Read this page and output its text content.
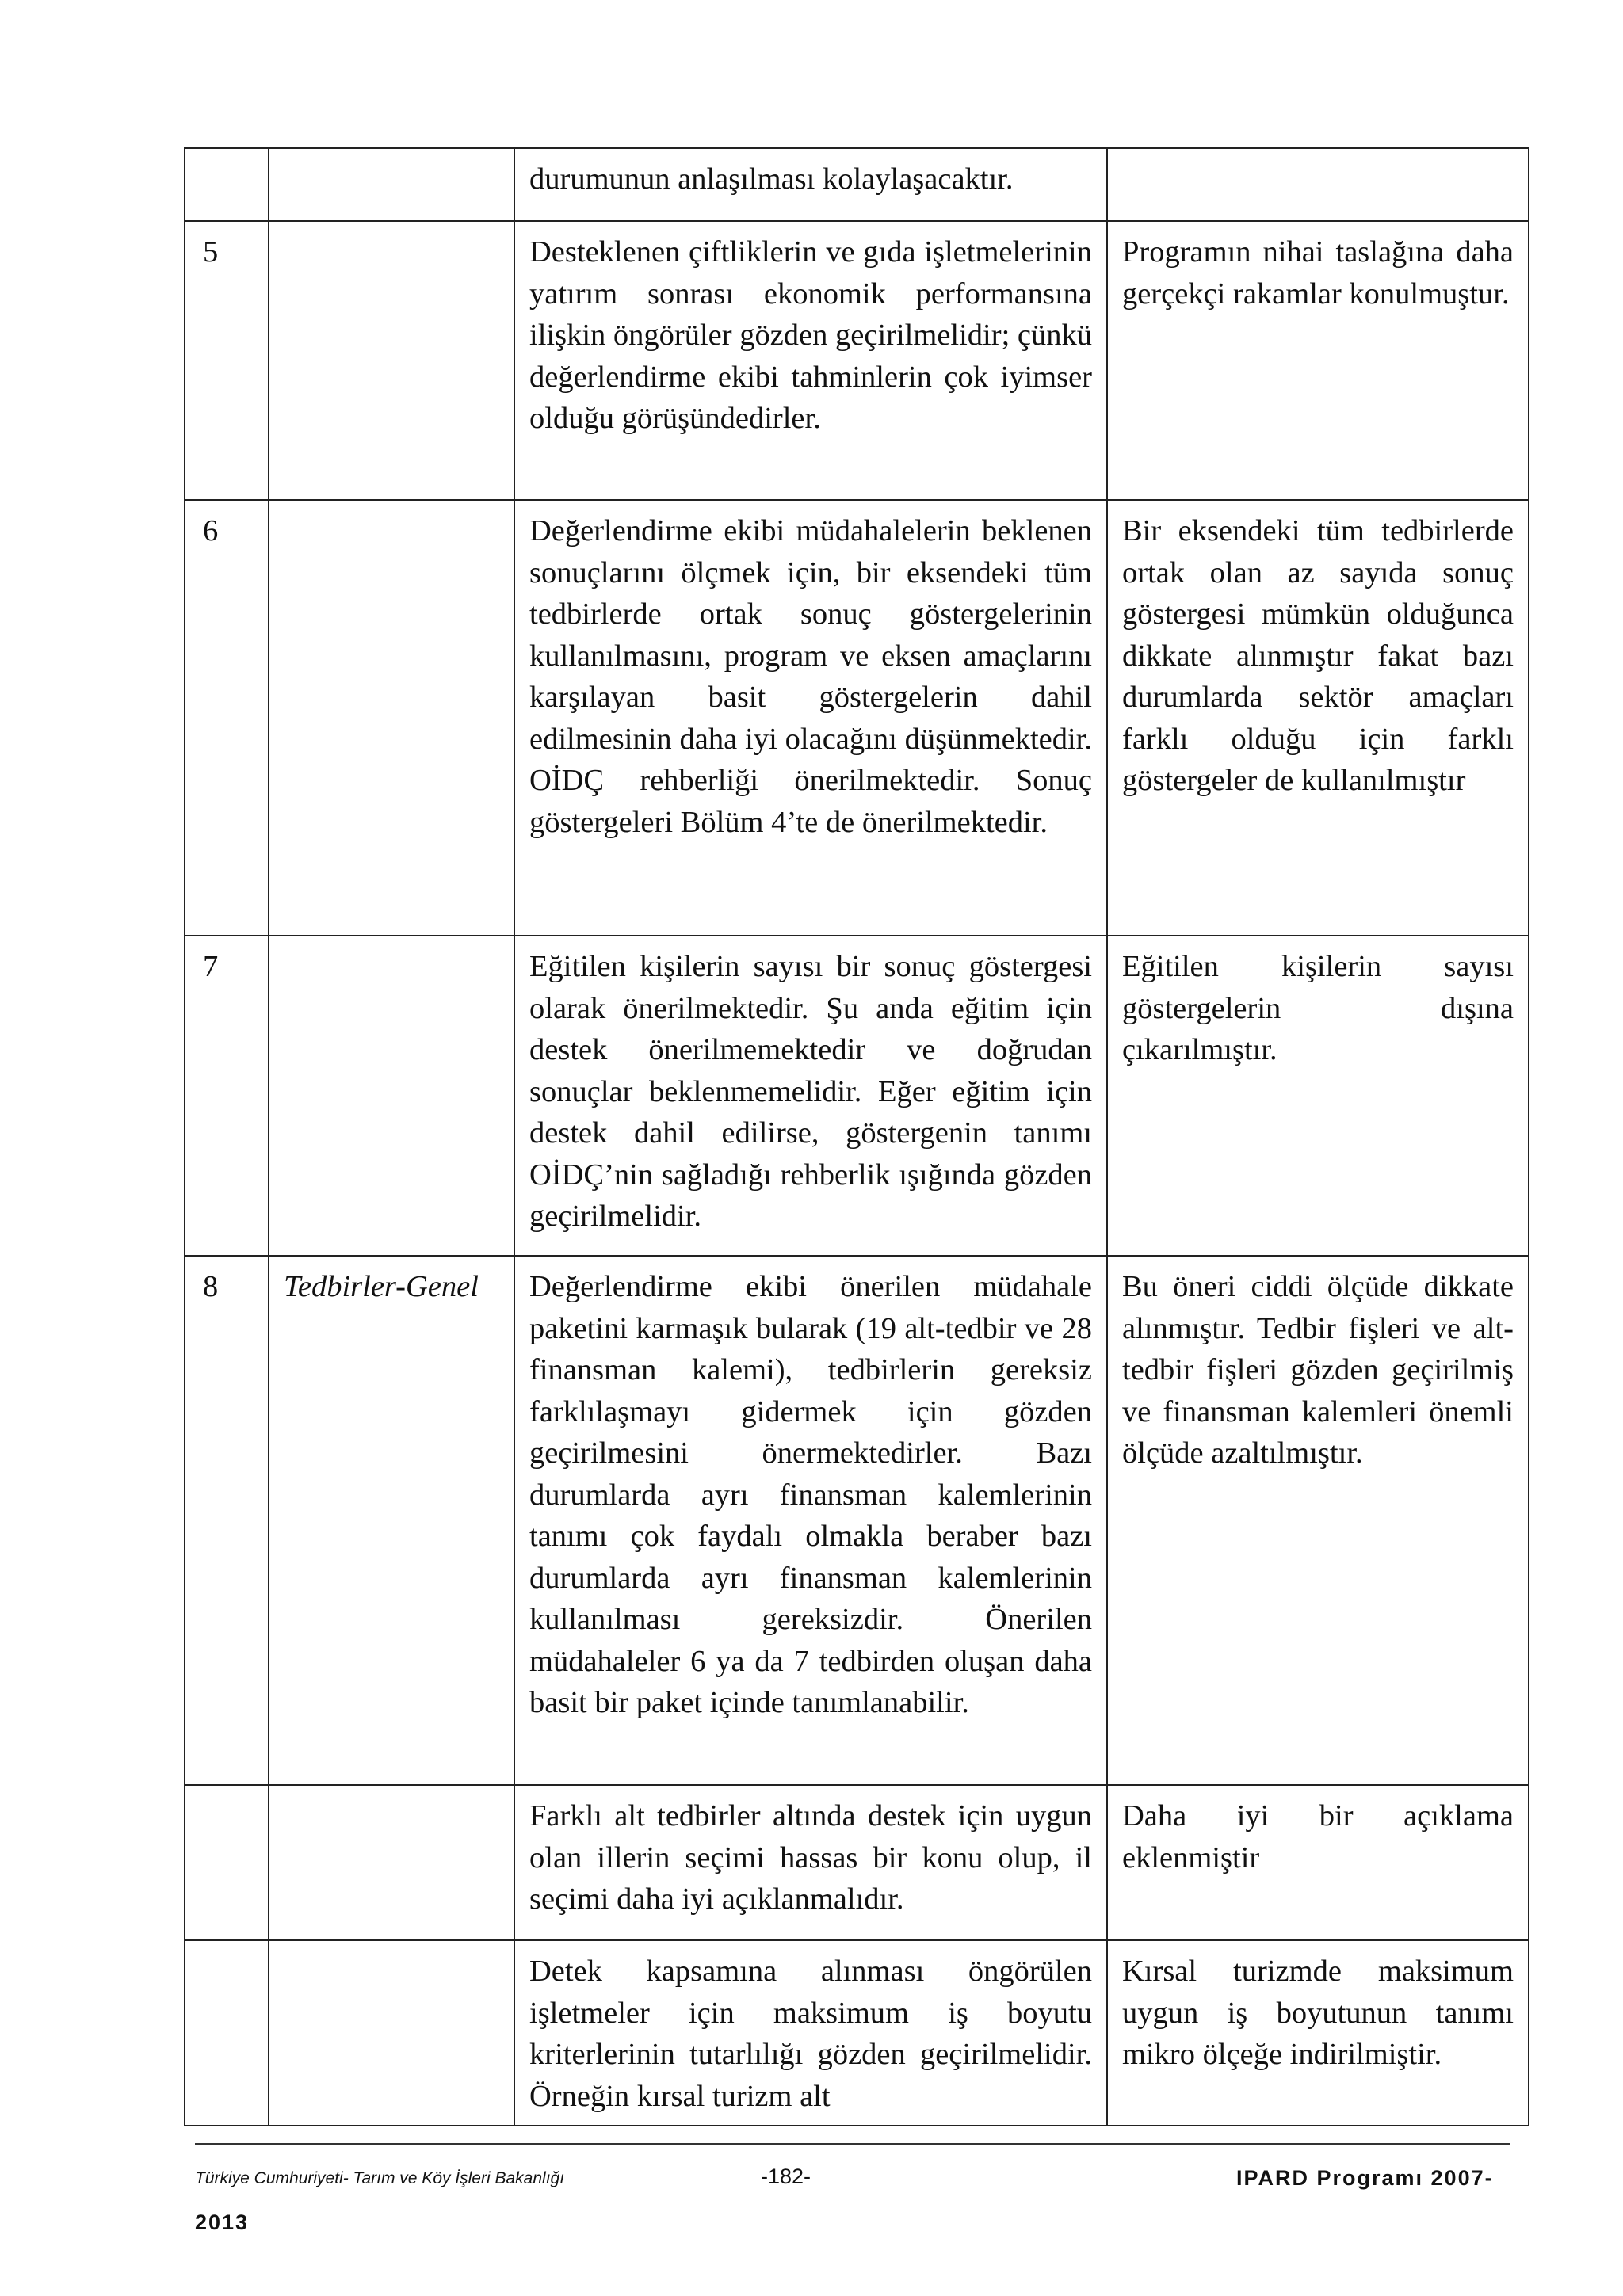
		durumunun anlaşılması kolaylaşacaktır.	
5		Desteklenen çiftliklerin ve gıda işletmelerinin yatırım sonrası ekonomik performansına ilişkin öngörüler gözden geçirilmelidir; çünkü değerlendirme ekibi tahminlerin çok iyimser olduğu görüşündedirler.	Programın nihai taslağına daha gerçekçi rakamlar konulmuştur.
6		Değerlendirme ekibi müdahalelerin beklenen sonuçlarını ölçmek için, bir eksendeki tüm tedbirlerde ortak sonuç göstergelerinin kullanılmasını, program ve eksen amaçlarını karşılayan basit göstergelerin dahil edilmesinin daha iyi olacağını düşünmektedir. OİDÇ rehberliği önerilmektedir. Sonuç göstergeleri Bölüm 4’te de önerilmektedir.	Bir eksendeki tüm tedbirlerde ortak olan az sayıda sonuç göstergesi mümkün olduğunca dikkate alınmıştır fakat bazı durumlarda sektör amaçları farklı olduğu için farklı göstergeler de kullanılmıştır
7		Eğitilen kişilerin sayısı bir sonuç göstergesi olarak önerilmektedir. Şu anda eğitim için destek önerilmemektedir ve doğrudan sonuçlar beklenmemelidir. Eğer eğitim için destek dahil edilirse, göstergenin tanımı OİDÇ’nin sağladığı rehberlik ışığında gözden geçirilmelidir.	Eğitilen kişilerin sayısı göstergelerin dışına çıkarılmıştır.
8	Tedbirler-Genel	Değerlendirme ekibi önerilen müdahale paketini karmaşık bularak (19 alt-tedbir ve 28 finansman kalemi), tedbirlerin gereksiz farklılaşmayı gidermek için gözden geçirilmesini önermektedirler. Bazı durumlarda ayrı finansman kalemlerinin tanımı çok faydalı olmakla beraber bazı durumlarda ayrı finansman kalemlerinin kullanılması gereksizdir. Önerilen müdahaleler 6 ya da 7 tedbirden oluşan daha basit bir paket içinde tanımlanabilir.	Bu öneri ciddi ölçüde dikkate alınmıştır. Tedbir fişleri ve alt-tedbir fişleri gözden geçirilmiş ve finansman kalemleri önemli ölçüde azaltılmıştır.
		Farklı alt tedbirler altında destek için uygun olan illerin seçimi hassas bir konu olup, il seçimi daha iyi açıklanmalıdır.	Daha iyi bir açıklama eklenmiştir
		Detek kapsamına alınması öngörülen işletmeler için maksimum iş boyutu kriterlerinin tutarlılığı gözden geçirilmelidir. Örneğin kırsal turizm alt	Kırsal turizmde maksimum uygun iş boyutunun tanımı mikro ölçeğe indirilmiştir.
Türkiye Cumhuriyeti- Tarım ve Köy İşleri Bakanlığı	-182-	IPARD Programı 2007-
2013
